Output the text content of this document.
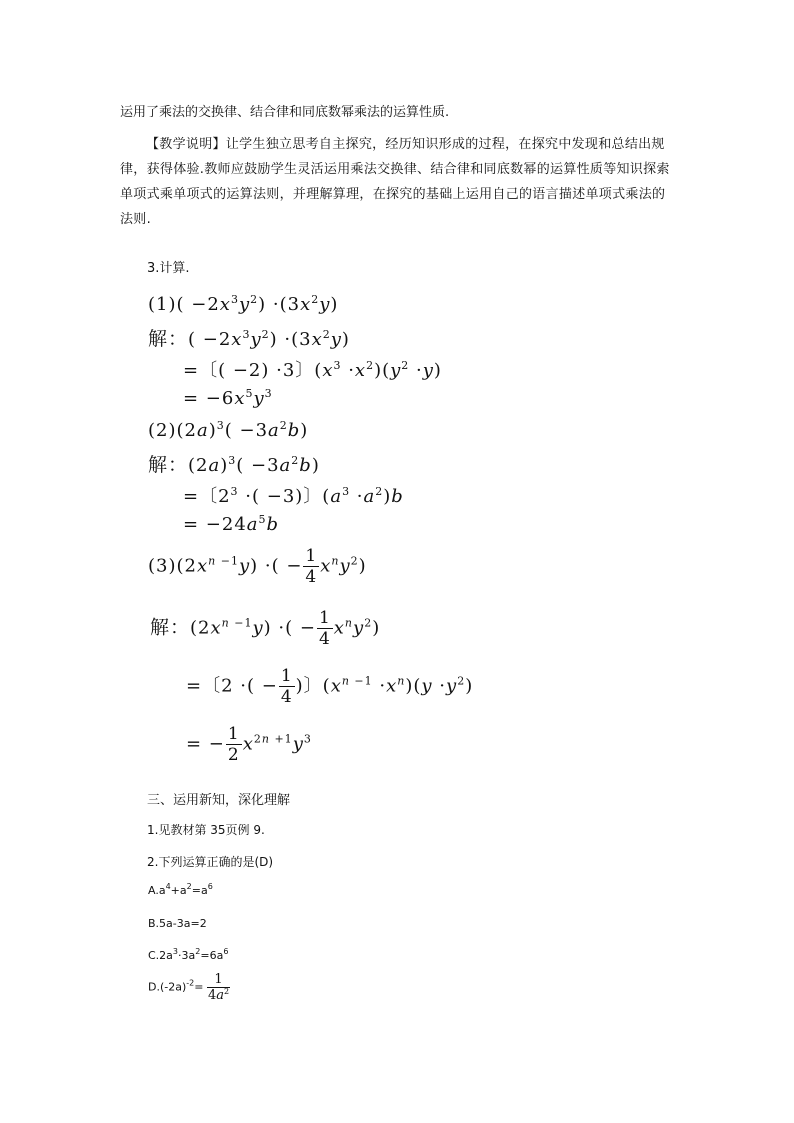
运用了乘法的交换律、结合律和同底数幂乘法的运算性质.
【教学说明】让学生独立思考自主探究，经历知识形成的过程，在探究中发现和总结出规律，获得体验.教师应鼓励学生灵活运用乘法交换律、结合律和同底数幂的运算性质等知识探索单项式乘单项式的运算法则，并理解算理，在探究的基础上运用自己的语言描述单项式乘法的法则.
3.计算.
$(1)( -2x^3y^2) \cdot(3x^2y)$
解：( $-2x^3y^2) \cdot(3x^2y)$
=〔( −2) ·3〕$(x^3 \cdot x^2)(y^2 \cdot y)$
= $-6x^5y^3$
$(2)(2a)^3( -3a^2b)$
解：$(2a)^3( -3a^2b)$
=〔$2^3$ ·( −3)〕$(a^3 \cdot a^2)b$
= $-24a^5b$
$(3)(2x^{n -1}y)$ ·( − $\frac{1}{4} x^ny^2$)
解：$(2x^{n -1}y)$ ·( − $\frac{1}{4} x^ny^2$)
=〔2 ·( − $\frac{1}{4}$ )〕$(x^{n -1} \cdot x^n)(y \cdot y^2)$
= − $\frac{1}{2} x^{2n +1}y^3$
三、运用新知，深化理解
1.见教材第 35页例 9.
2.下列运算正确的是(D)
$A.a^4+a^2=a^6$
B.5a-3a=2
$C.2a^3\cdot 3a^2=6a^6$
$D.(-2a)^{-2}= \frac{1}{4a^2}$
